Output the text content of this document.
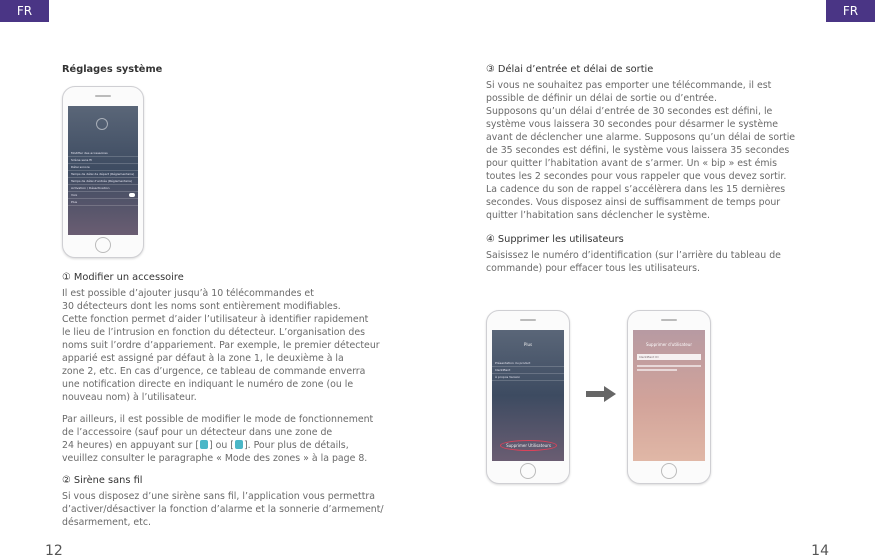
FR	FR
Réglages système
Modifier des accessoires
Sirène sans fil
Délai sonore
Temps de délai de départ (Réglementaire)
Temps de délai d'entrée (Réglementaire)
Activation / Désactivation
Voix
Plus
① Modifier un accessoire

Il est possible d’ajouter jusqu’à 10 télécommandes et

30 détecteurs dont les noms sont entièrement modifiables.

Cette fonction permet d’aider l’utilisateur à identifier rapidement

le lieu de l’intrusion en fonction du détecteur. L’organisation des

noms suit l’ordre d’appariement. Par exemple, le premier détecteur

apparié est assigné par défaut à la zone 1, le deuxième à la

zone 2, etc. En cas d’urgence, ce tableau de commande enverra

une notification directe en indiquant le numéro de zone (ou le

nouveau nom) à l’utilisateur.

Par ailleurs, il est possible de modifier le mode de fonctionnement

de l’accessoire (sauf pour un détecteur dans une zone de

24 heures) en appuyant sur [ ] ou [ ]. Pour plus de détails,

veuillez consulter le paragraphe « Mode des zones » à la page 8.

② Sirène sans fil

Si vous disposez d’une sirène sans fil, l’application vous permettra

d’activer/désactiver la fonction d’alarme et la sonnerie d’armement/

désarmement, etc.

③ Délai d’entrée et délai de sortie

Si vous ne souhaitez pas emporter une télécommande, il est

possible de définir un délai de sortie ou d’entrée.

Supposons qu’un délai d’entrée de 30 secondes est défini, le

système vous laissera 30 secondes pour désarmer le système

avant de déclencher une alarme. Supposons qu’un délai de sortie

de 35 secondes est défini, le système vous laissera 35 secondes

pour quitter l’habitation avant de s’armer. Un « bip » est émis

toutes les 2 secondes pour vous rappeler que vous devez sortir.

La cadence du son de rappel s’accélèrera dans les 15 dernières

secondes. Vous disposez ainsi de suffisamment de temps pour

quitter l’habitation sans déclencher le système.

④ Supprimer les utilisateurs

Saisissez le numéro d’identification (sur l’arrière du tableau de

commande) pour effacer tous les utilisateurs.

Plus
Présentation du produit
Identifiant
À propos Version
Supprimer Utilisateurs
Supprimer d'utilisateur
Identifiant ID
12	14
